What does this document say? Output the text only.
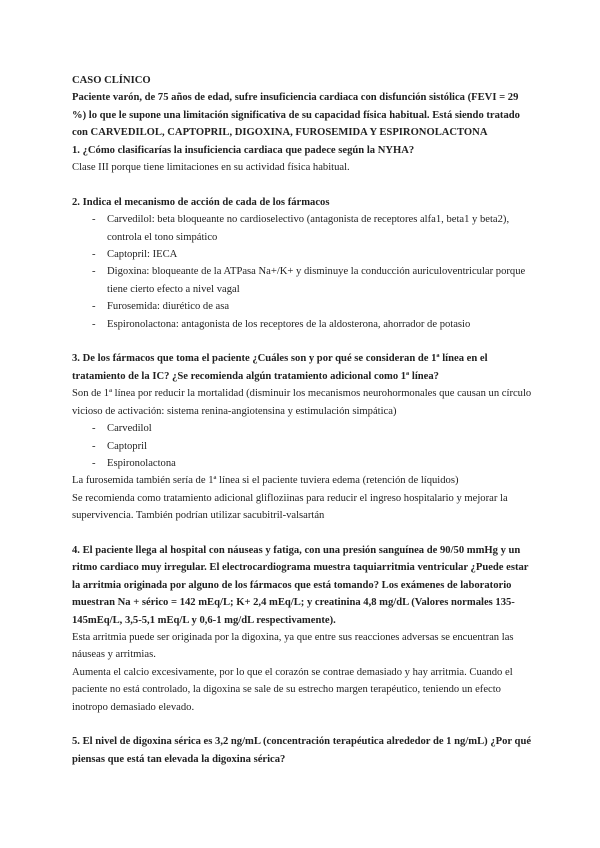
CASO CLÍNICO

Paciente varón, de 75 años de edad, sufre insuficiencia cardiaca con disfunción sistólica (FEVI = 29 %) lo que le supone una limitación significativa de su capacidad física habitual. Está siendo tratado con CARVEDILOL, CAPTOPRIL, DIGOXINA, FUROSEMIDA Y ESPIRONOLACTONA

1. ¿Cómo clasificarías la insuficiencia cardiaca que padece según la NYHA?

Clase III porque tiene limitaciones en su actividad física habitual.

2. Indica el mecanismo de acción de cada de los fármacos

- Carvedilol: beta bloqueante no cardioselectivo (antagonista de receptores alfa1, beta1 y beta2), controla el tono simpático
- Captopril: IECA
- Digoxina: bloqueante de la ATPasa Na+/K+ y disminuye la conducción auriculoventricular porque tiene cierto efecto a nivel vagal
- Furosemida: diurético de asa
- Espironolactona: antagonista de los receptores de la aldosterona, ahorrador de potasio

3. De los fármacos que toma el paciente ¿Cuáles son y por qué se consideran de 1ª línea en el tratamiento de la IC? ¿Se recomienda algún tratamiento adicional como 1ª línea?

Son de 1ª línea por reducir la mortalidad (disminuir los mecanismos neurohormonales que causan un círculo vicioso de activación: sistema renina-angiotensina y estimulación simpática)

- Carvedilol
- Captopril
- Espironolactona

La furosemida también sería de 1ª línea si el paciente tuviera edema (retención de líquidos)

Se recomienda como tratamiento adicional glifloziinas para reducir el ingreso hospitalario y mejorar la supervivencia. También podrían utilizar sacubitril-valsartán

4. El paciente llega al hospital con náuseas y fatiga, con una presión sanguínea de 90/50 mmHg y un ritmo cardiaco muy irregular. El electrocardiograma muestra taquiarritmia ventricular ¿Puede estar la arritmia originada por alguno de los fármacos que está tomando? Los exámenes de laboratorio muestran Na + sérico = 142 mEq/L; K+ 2,4 mEq/L; y creatinina 4,8 mg/dL (Valores normales 135-145mEq/L, 3,5-5,1 mEq/L y 0,6-1 mg/dL respectivamente).

Esta arritmia puede ser originada por la digoxina, ya que entre sus reacciones adversas se encuentran las náuseas y arritmias.

Aumenta el calcio excesivamente, por lo que el corazón se contrae demasiado y hay arritmia. Cuando el paciente no está controlado, la digoxina se sale de su estrecho margen terapéutico, teniendo un efecto inotropo demasiado elevado.

5. El nivel de digoxina sérica es 3,2 ng/mL (concentración terapéutica alrededor de 1 ng/mL) ¿Por qué piensas que está tan elevada la digoxina sérica?
